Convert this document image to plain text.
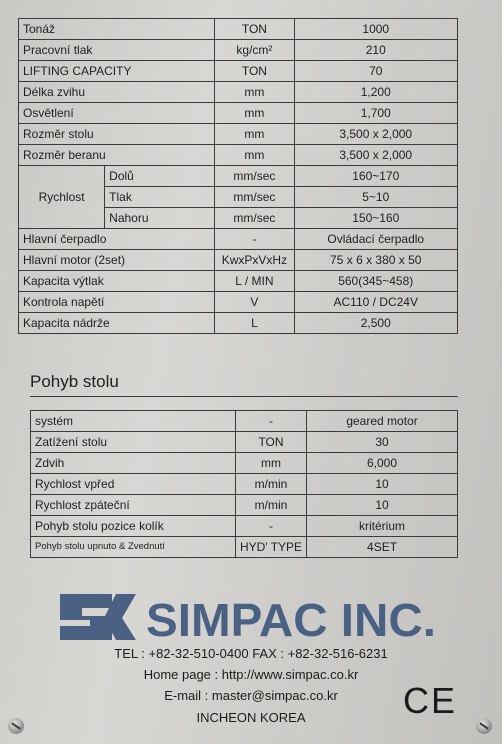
Tonáž		TON	1000
Pracovní tlak		kg/cm²	210
LIFTING CAPACITY		TON	70
Délka zvihu		mm	1,200
Osvětlení		mm	1,700
Rozměr stolu		mm	3,500 x 2,000
Rozměr beranu		mm	3,500 x 2,000
Rychlost	Dolů	mm/sec	160~170
	Tlak	mm/sec	5~10
	Nahoru	mm/sec	150~160
Hlavní čerpadlo		-	Ovládací čerpadlo
Hlavní motor (2set)		KwxPxVxHz	75 x 6 x 380 x 50
Kapacita výtlak		L / MIN	560(345~458)
Kontrola napětí		V	AC110 / DC24V
Kapacita nádrže		L	2,500
Pohyb stolu
systém	-	geared motor
Zatížení stolu	TON	30
Zdvih	mm	6,000
Rychlost vpřed	m/min	10
Rychlost zpáteční	m/min	10
Pohyb stolu pozice kolík	-	kritérium
Pohyb stolu upnuto & Zvednutí	HYD' TYPE	4SET
SIMPAC INC.
TEL : +82-32-510-0400 FAX : +82-32-516-6231
Home page : http://www.simpac.co.kr
E-mail : master@simpac.co.kr
INCHEON KOREA	CE
